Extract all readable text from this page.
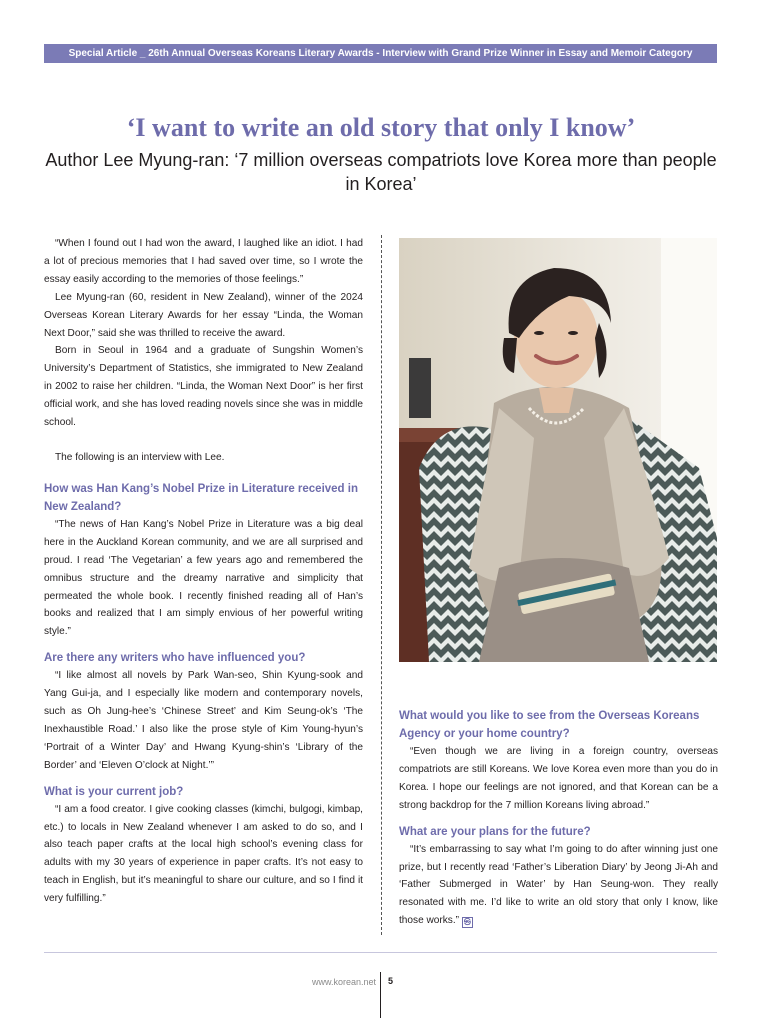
Special Article _ 26th Annual Overseas Koreans Literary Awards - Interview with Grand Prize Winner in Essay and Memoir Category
‘I want to write an old story that only I know’
Author Lee Myung-ran: ‘7 million overseas compatriots love Korea more than people in Korea’

“When I found out I had won the award, I laughed like an idiot. I had a lot of precious memories that I had saved over time, so I wrote the essay easily according to the memories of those feelings.”

Lee Myung-ran (60, resident in New Zealand), winner of the 2024 Overseas Korean Literary Awards for her essay “Linda, the Woman Next Door,” said she was thrilled to receive the award.

Born in Seoul in 1964 and a graduate of Sungshin Women’s University’s Department of Statistics, she immigrated to New Zealand in 2002 to raise her children. “Linda, the Woman Next Door” is her first official work, and she has loved reading novels since she was in middle school.

The following is an interview with Lee.

How was Han Kang’s Nobel Prize in Literature received in New Zealand?

“The news of Han Kang’s Nobel Prize in Literature was a big deal here in the Auckland Korean community, and we are all surprised and proud. I read ‘The Vegetarian’ a few years ago and remembered the omnibus structure and the dreamy narrative and simplicity that permeated the whole book. I recently finished reading all of Han’s books and realized that I am simply envious of her powerful writing style.”

Are there any writers who have influenced you?

“I like almost all novels by Park Wan-seo, Shin Kyung-sook and Yang Gui-ja, and I especially like modern and contemporary novels, such as Oh Jung-hee’s ‘Chinese Street’ and Kim Seung-ok’s ‘The Inexhaustible Road.’ I also like the prose style of Kim Young-hyun’s ‘Portrait of a Winter Day’ and Hwang Kyung-shin’s ‘Library of the Border’ and ‘Eleven O’clock at Night.’”

What is your current job?

“I am a food creator. I give cooking classes (kimchi, bulgogi, kimbap, etc.) to locals in New Zealand whenever I am asked to do so, and I also teach paper crafts at the local high school’s evening class for adults with my 30 years of experience in paper crafts. It’s not easy to teach in English, but it’s meaningful to share our culture, and so I find it very fulfilling.”

What would you like to see from the Overseas Koreans Agency or your home country?

“Even though we are living in a foreign country, overseas compatriots are still Koreans. We love Korea even more than you do in Korea. I hope our feelings are not ignored, and that Korean can be a strong backdrop for the 7 million Koreans living abroad.”

What are your plans for the future?

“It’s embarrassing to say what I’m going to do after winning just one prize, but I recently read ‘Father’s Liberation Diary’ by Jeong Ji-Ah and ‘Father Submerged in Water’ by Han Seung-won. They really resonated with me. I’d like to write an old story that only I know, like those works.” ㉿

www.korean.net 5
